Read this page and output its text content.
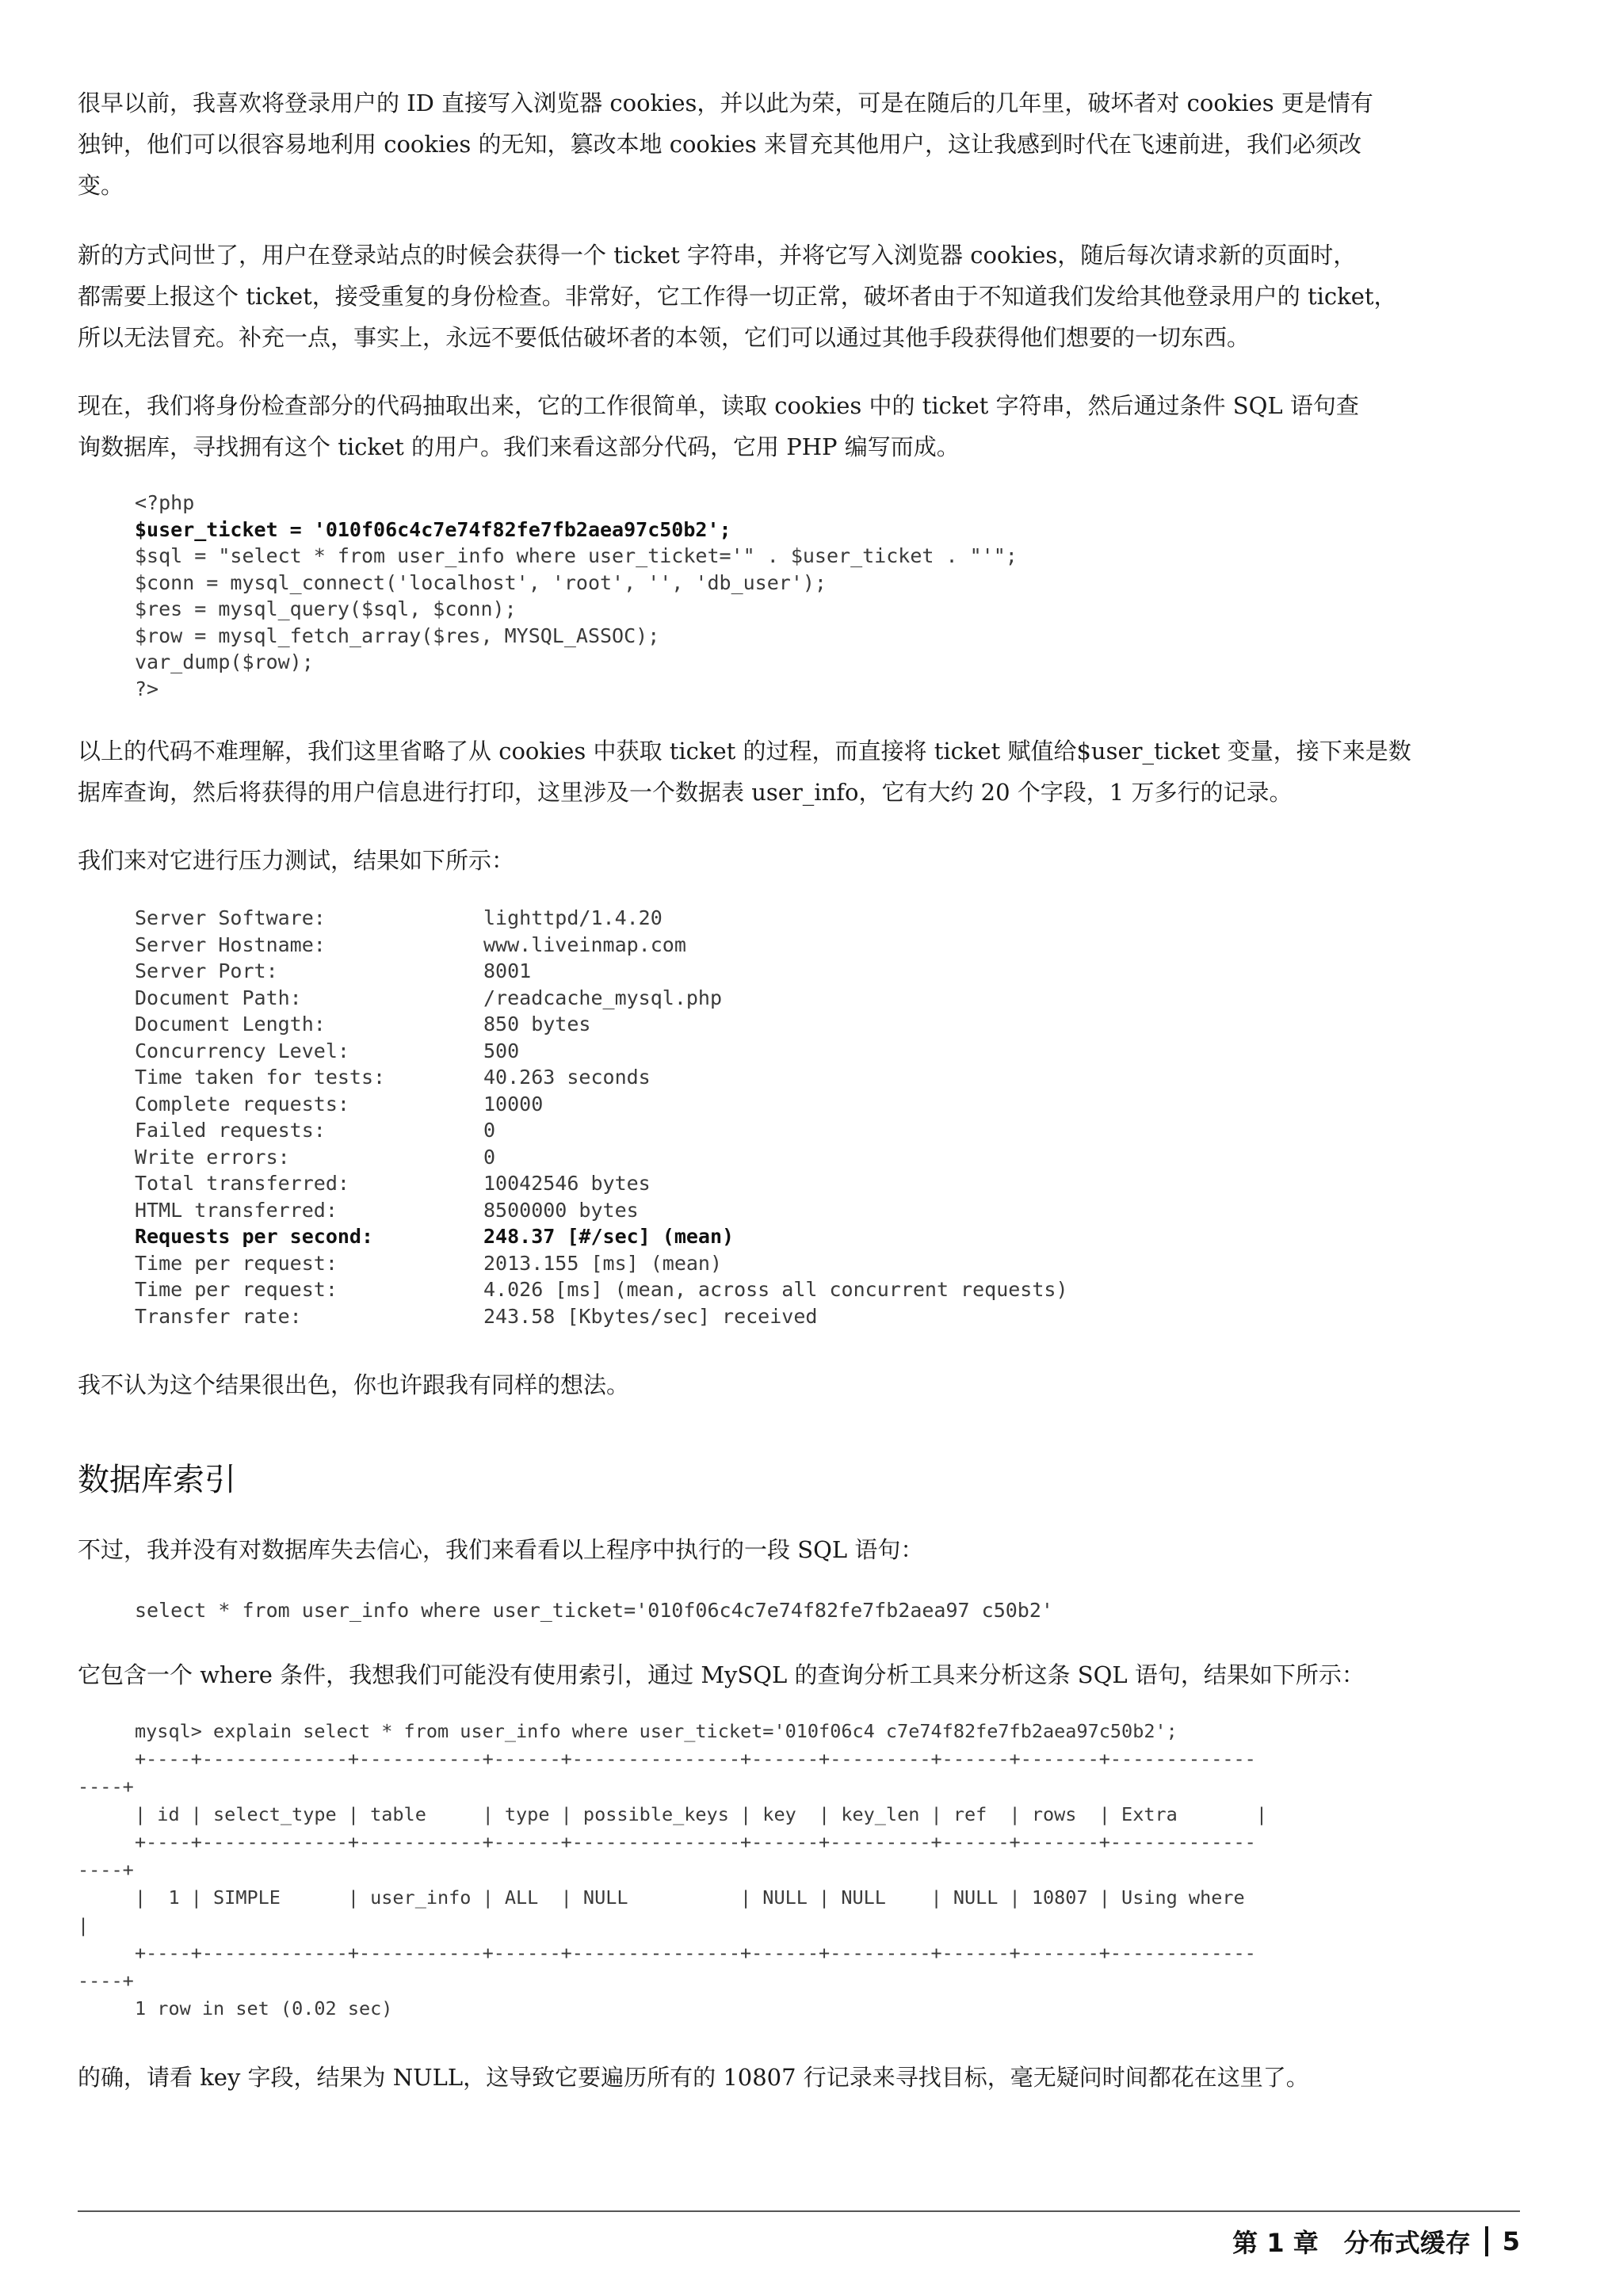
很早以前，我喜欢将登录用户的 ID 直接写入浏览器 cookies，并以此为荣，可是在随后的几年里，破坏者对 cookies 更是情有
独钟，他们可以很容易地利用 cookies 的无知，篡改本地 cookies 来冒充其他用户，这让我感到时代在飞速前进，我们必须改
变。

新的方式问世了，用户在登录站点的时候会获得一个 ticket 字符串，并将它写入浏览器 cookies，随后每次请求新的页面时，
都需要上报这个 ticket，接受重复的身份检查。非常好，它工作得一切正常，破坏者由于不知道我们发给其他登录用户的 ticket，
所以无法冒充。补充一点，事实上，永远不要低估破坏者的本领，它们可以通过其他手段获得他们想要的一切东西。

现在，我们将身份检查部分的代码抽取出来，它的工作很简单，读取 cookies 中的 ticket 字符串，然后通过条件 SQL 语句查
询数据库，寻找拥有这个 ticket 的用户。我们来看这部分代码，它用 PHP 编写而成。

<?php
$user_ticket = '010f06c4c7e74f82fe7fb2aea97c50b2';
$sql = "select * from user_info where user_ticket='" . $user_ticket . "'";
$conn = mysql_connect('localhost', 'root', '', 'db_user');
$res = mysql_query($sql, $conn);
$row = mysql_fetch_array($res, MYSQL_ASSOC);
var_dump($row);
?>

以上的代码不难理解，我们这里省略了从 cookies 中获取 ticket 的过程，而直接将 ticket 赋值给$user_ticket 变量，接下来是数
据库查询，然后将获得的用户信息进行打印，这里涉及一个数据表 user_info，它有大约 20 个字段，1 万多行的记录。

我们来对它进行压力测试，结果如下所示：

Server Software:	lighttpd/1.4.20
Server Hostname:	www.liveinmap.com
Server Port:	8001
Document Path:	/readcache_mysql.php
Document Length:	850 bytes
Concurrency Level:	500
Time taken for tests:	40.263 seconds
Complete requests:	10000
Failed requests:	0
Write errors:	0
Total transferred:	10042546 bytes
HTML transferred:	8500000 bytes
Requests per second:	248.37 [#/sec] (mean)
Time per request:	2013.155 [ms] (mean)
Time per request:	4.026 [ms] (mean, across all concurrent requests)
Transfer rate:	243.58 [Kbytes/sec] received

我不认为这个结果很出色，你也许跟我有同样的想法。

数据库索引

不过，我并没有对数据库失去信心，我们来看看以上程序中执行的一段 SQL 语句：

select * from user_info where user_ticket='010f06c4c7e74f82fe7fb2aea97 c50b2'

它包含一个 where 条件，我想我们可能没有使用索引，通过 MySQL 的查询分析工具来分析这条 SQL 语句，结果如下所示：

mysql> explain select * from user_info where user_ticket='010f06c4 c7e74f82fe7fb2aea97c50b2';
+----+-------------+-----------+------+---------------+------+---------+------+-------+-------------
----+
| id | select_type | table     | type | possible_keys | key  | key_len | ref  | rows  | Extra       |
+----+-------------+-----------+------+---------------+------+---------+------+-------+-------------
----+
|  1 | SIMPLE      | user_info | ALL  | NULL          | NULL | NULL    | NULL | 10807 | Using where
|
+----+-------------+-----------+------+---------------+------+---------+------+-------+-------------
----+
1 row in set (0.02 sec)

的确，请看 key 字段，结果为 NULL，这导致它要遍历所有的 10807 行记录来寻找目标，毫无疑问时间都花在这里了。

第 1 章　分布式缓存 5
